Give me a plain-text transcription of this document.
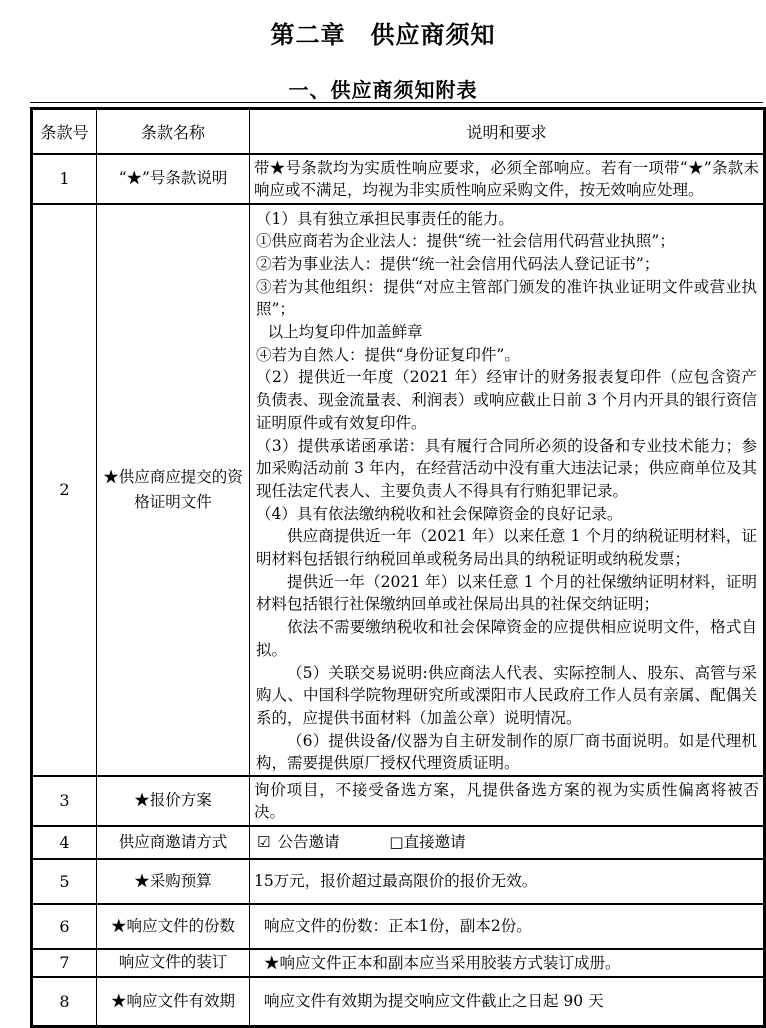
第二章　供应商须知
一、供应商须知附表
条款号	条款名称	说明和要求
1	“★”号条款说明	带★号条款均为实质性响应要求，必须全部响应。若有一项带“★”条款未响应或不满足，均视为非实质性响应采购文件，按无效响应处理。
2	★供应商应提交的资格证明文件	

（1）具有独立承担民事责任的能力。

①供应商若为企业法人：提供“统一社会信用代码营业执照”；

②若为事业法人：提供“统一社会信用代码法人登记证书”；

③若为其他组织：提供“对应主管部门颁发的准许执业证明文件或营业执照”；

以上均复印件加盖鲜章

④若为自然人：提供“身份证复印件”。

（2）提供近一年度（2021 年）经审计的财务报表复印件（应包含资产负债表、现金流量表、利润表）或响应截止日前 3 个月内开具的银行资信证明原件或有效复印件。

（3）提供承诺函承诺：具有履行合同所必须的设备和专业技术能力；参加采购活动前 3 年内，在经营活动中没有重大违法记录；供应商单位及其现任法定代表人、主要负责人不得具有行贿犯罪记录。

（4）具有依法缴纳税收和社会保障资金的良好记录。

供应商提供近一年（2021 年）以来任意 1 个月的纳税证明材料，证明材料包括银行纳税回单或税务局出具的纳税证明或纳税发票；

提供近一年（2021 年）以来任意 1 个月的社保缴纳证明材料，证明材料包括银行社保缴纳回单或社保局出具的社保交纳证明；

依法不需要缴纳税收和社会保障资金的应提供相应说明文件，格式自拟。

（5）关联交易说明:供应商法人代表、实际控制人、股东、高管与采购人、中国科学院物理研究所或溧阳市人民政府工作人员有亲属、配偶关系的，应提供书面材料（加盖公章）说明情况。

（6）提供设备/仪器为自主研发制作的原厂商书面说明。如是代理机构，需要提供原厂授权代理资质证明。

3	★报价方案	询价项目，不接受备选方案，凡提供备选方案的视为实质性偏离将被否决。
4	供应商邀请方式	☑ 公告邀请 □直接邀请
5	★采购预算	15万元，报价超过最高限价的报价无效。
6	★响应文件的份数	响应文件的份数：正本1份，副本2份。
7	响应文件的装订	★响应文件正本和副本应当采用胶装方式装订成册。
8	★响应文件有效期	响应文件有效期为提交响应文件截止之日起 90 天
